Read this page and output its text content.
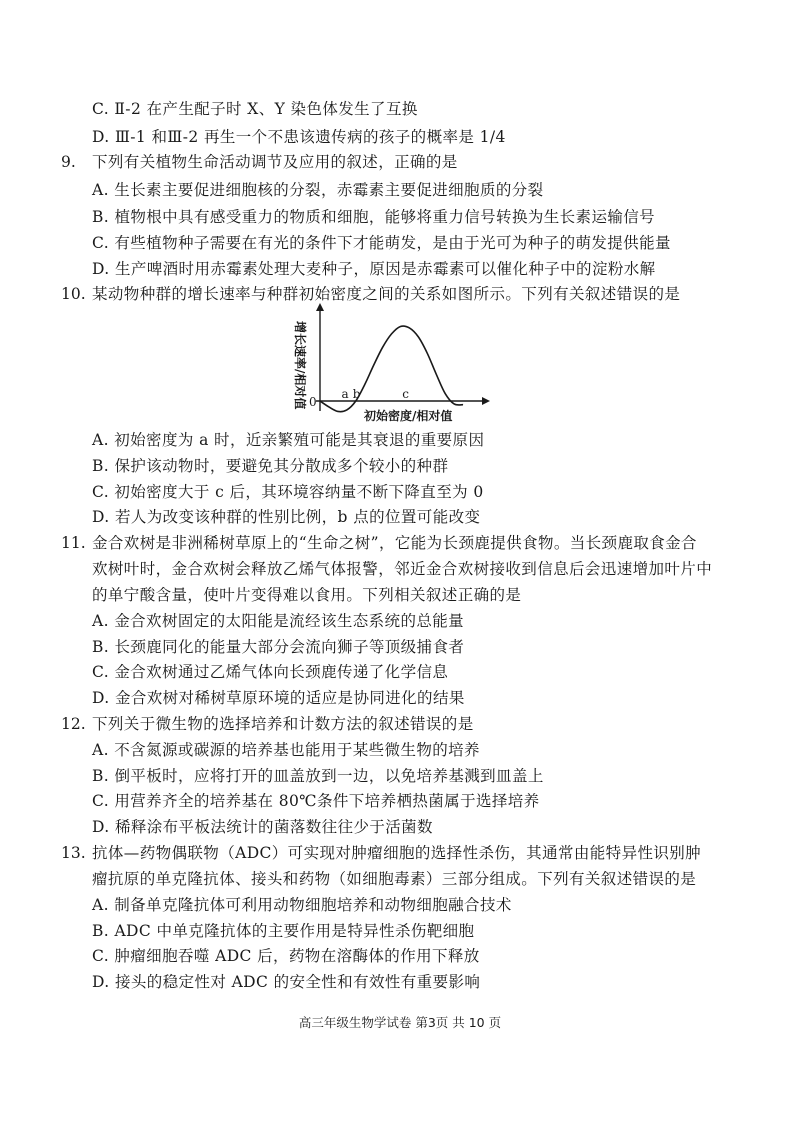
C. Ⅱ-2 在产生配子时 X、Y 染色体发生了互换
D. Ⅲ-1 和Ⅲ-2 再生一个不患该遗传病的孩子的概率是 1/4
9. 下列有关植物生命活动调节及应用的叙述，正确的是
A. 生长素主要促进细胞核的分裂，赤霉素主要促进细胞质的分裂
B. 植物根中具有感受重力的物质和细胞，能够将重力信号转换为生长素运输信号
C. 有些植物种子需要在有光的条件下才能萌发，是由于光可为种子的萌发提供能量
D. 生产啤酒时用赤霉素处理大麦种子，原因是赤霉素可以催化种子中的淀粉水解
10. 某动物种群的增长速率与种群初始密度之间的关系如图所示。下列有关叙述错误的是
增长速率/相对值
初始密度/相对值
0
a b	c
A. 初始密度为 a 时，近亲繁殖可能是其衰退的重要原因
B. 保护该动物时，要避免其分散成多个较小的种群
C. 初始密度大于 c 后，其环境容纳量不断下降直至为 0
D. 若人为改变该种群的性别比例，b 点的位置可能改变
11. 金合欢树是非洲稀树草原上的“生命之树”，它能为长颈鹿提供食物。当长颈鹿取食金合
欢树叶时，金合欢树会释放乙烯气体报警，邻近金合欢树接收到信息后会迅速增加叶片中
的单宁酸含量，使叶片变得难以食用。下列相关叙述正确的是
A. 金合欢树固定的太阳能是流经该生态系统的总能量
B. 长颈鹿同化的能量大部分会流向狮子等顶级捕食者
C. 金合欢树通过乙烯气体向长颈鹿传递了化学信息
D. 金合欢树对稀树草原环境的适应是协同进化的结果
12. 下列关于微生物的选择培养和计数方法的叙述错误的是
A. 不含氮源或碳源的培养基也能用于某些微生物的培养
B. 倒平板时，应将打开的皿盖放到一边，以免培养基溅到皿盖上
C. 用营养齐全的培养基在 80℃条件下培养栖热菌属于选择培养
D. 稀释涂布平板法统计的菌落数往往少于活菌数
13. 抗体—药物偶联物（ADC）可实现对肿瘤细胞的选择性杀伤，其通常由能特异性识别肿
瘤抗原的单克隆抗体、接头和药物（如细胞毒素）三部分组成。下列有关叙述错误的是
A. 制备单克隆抗体可利用动物细胞培养和动物细胞融合技术
B. ADC 中单克隆抗体的主要作用是特异性杀伤靶细胞
C. 肿瘤细胞吞噬 ADC 后，药物在溶酶体的作用下释放
D. 接头的稳定性对 ADC 的安全性和有效性有重要影响
高三年级生物学试卷 第3页 共 10 页
